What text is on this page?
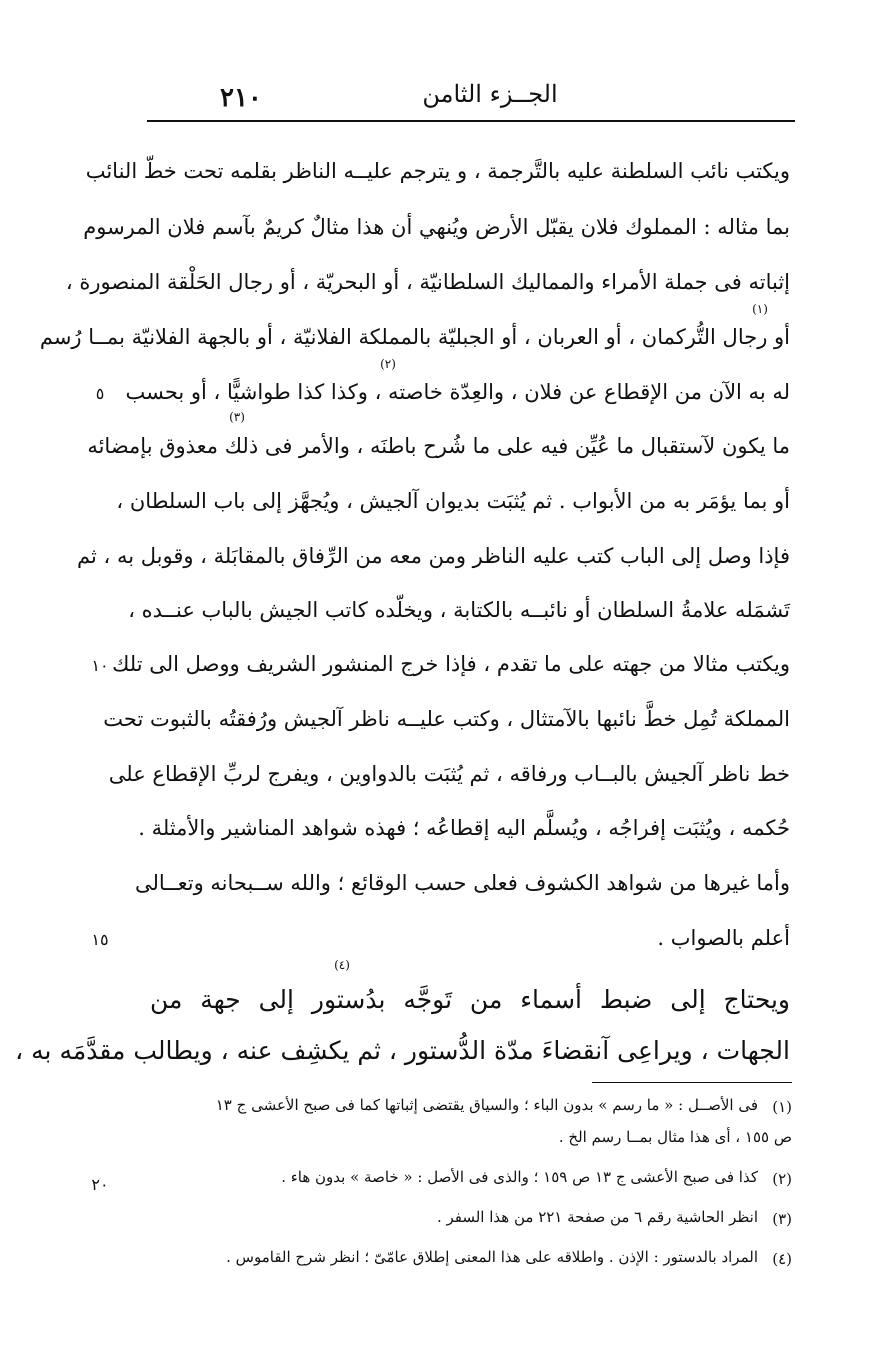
٢١٠	الجــزء الثامن
ويكتب نائب السلطنة عليه بالتَّرجمة ، و يترجم عليــه الناظر بقلمه تحت خطّ النائب
بما مثاله : المملوك فلان يقبّل الأرض ويُنهي أن هذا مثالٌ كريمٌ بآسم فلان المرسوم
إثباته فى جملة الأمراء والمماليك السلطانيّة ، أو البحريّة ، أو رجال الحَلْقة المنصورة ،
أو رجال التُّركمان ، أو العربان ، أو الجبليّة بالمملكة الفلانيّة ، أو بالجهة الفلانيّة بمــا رُسم
له به الآن من الإقطاع عن فلان ، والعِدّة خاصته ، وكذا كذا طواشيًّا ، أو بحسب
ما يكون لآستقبال ما عُيِّن فيه على ما شُرح باطنَه ، والأمر فى ذلك معذوق بإمضائه
أو بما يؤمَر به من الأبواب . ثم يُثبَت بديوان آلجيش ، ويُجهَّز إلى باب السلطان ،
فإذا وصل إلى الباب كتب عليه الناظر ومن معه من الرِّفاق بالمقابَلة ، وقوبل به ، ثم
تَشمَله علامةُ السلطان أو نائبــه بالكتابة ، ويخلّده كاتب الجيش بالباب عنــده ،
ويكتب مثالا من جهته على ما تقدم ، فإذا خرج المنشور الشريف ووصل الى تلك
المملكة تُمِل خطَّ نائبها بالآمتثال ، وكتب عليــه ناظر آلجيش ورُفقتُه بالثبوت تحت
خط ناظر آلجيش بالبــاب ورفاقه ، ثم يُثبَت بالدواوين ، ويفرج لربِّ الإقطاع على
حُكمه ، ويُثبَت إفراجُه ، ويُسلَّم اليه إقطاعُه ؛ فهذه شواهد المناشير والأمثلة .
وأما غيرها من شواهد الكشوف فعلى حسب الوقائع ؛ والله ســبحانه وتعــالى
أعلم بالصواب .
ويحتاج إلى ضبط أسماء من تَوجَّه بدُستور إلى جهة من
الجهات ، ويراعِى آنقضاءَ مدّة الدُّستور ، ثم يكشِف عنه ، ويطالب مقدَّمَه به ،
٥
١٠
١٥
٢٠
(١)
(٢)
(٣)
(٤)
(١)
فى الأصــل : « ما رسم » بدون الباء ؛ والسياق يقتضى إثباتها كما فى صبح الأعشى ج ١٣
ص ١٥٥ ، أى هذا مثال بمــا رسم الخ .
(٢)
كذا فى صبح الأعشى ج ١٣ ص ١٥٩ ؛ والذى فى الأصل : « خاصة » بدون هاء .
(٣)
انظر الحاشية رقم ٦ من صفحة ٢٢١ من هذا السفر .
(٤)
المراد بالدستور : الإذن . واطلاقه على هذا المعنى إطلاق عامّىّ ؛ انظر شرح القاموس .
